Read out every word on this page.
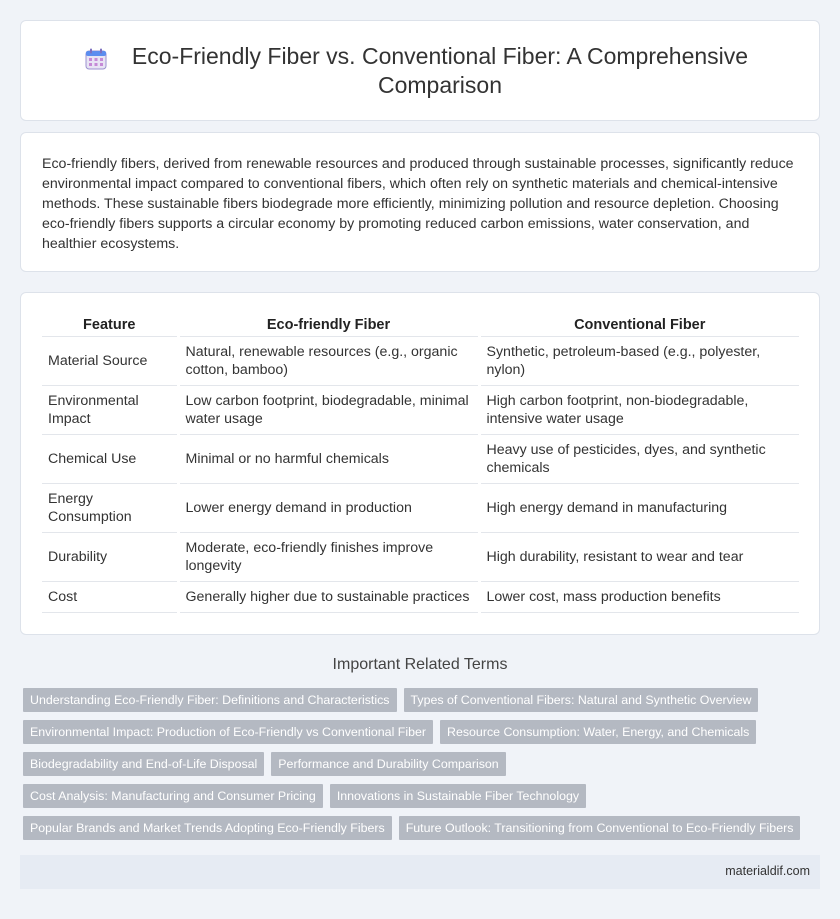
Eco-Friendly Fiber vs. Conventional Fiber: A Comprehensive Comparison

Eco-friendly fibers, derived from renewable resources and produced through sustainable processes, significantly reduce environmental impact compared to conventional fibers, which often rely on synthetic materials and chemical-intensive methods. These sustainable fibers biodegrade more efficiently, minimizing pollution and resource depletion. Choosing eco-friendly fibers supports a circular economy by promoting reduced carbon emissions, water conservation, and healthier ecosystems.

Feature	Eco-friendly Fiber	Conventional Fiber
Material Source	Natural, renewable resources (e.g., organic cotton, bamboo)	Synthetic, petroleum-based (e.g., polyester, nylon)
Environmental Impact	Low carbon footprint, biodegradable, minimal water usage	High carbon footprint, non-biodegradable, intensive water usage
Chemical Use	Minimal or no harmful chemicals	Heavy use of pesticides, dyes, and synthetic chemicals
Energy Consumption	Lower energy demand in production	High energy demand in manufacturing
Durability	Moderate, eco-friendly finishes improve longevity	High durability, resistant to wear and tear
Cost	Generally higher due to sustainable practices	Lower cost, mass production benefits
Important Related Terms
Understanding Eco-Friendly Fiber: Definitions and Characteristics	Types of Conventional Fibers: Natural and Synthetic Overview
Environmental Impact: Production of Eco-Friendly vs Conventional Fiber	Resource Consumption: Water, Energy, and Chemicals
Biodegradability and End-of-Life Disposal	Performance and Durability Comparison
Cost Analysis: Manufacturing and Consumer Pricing	Innovations in Sustainable Fiber Technology
Popular Brands and Market Trends Adopting Eco-Friendly Fibers	Future Outlook: Transitioning from Conventional to Eco-Friendly Fibers
materialdif.com
